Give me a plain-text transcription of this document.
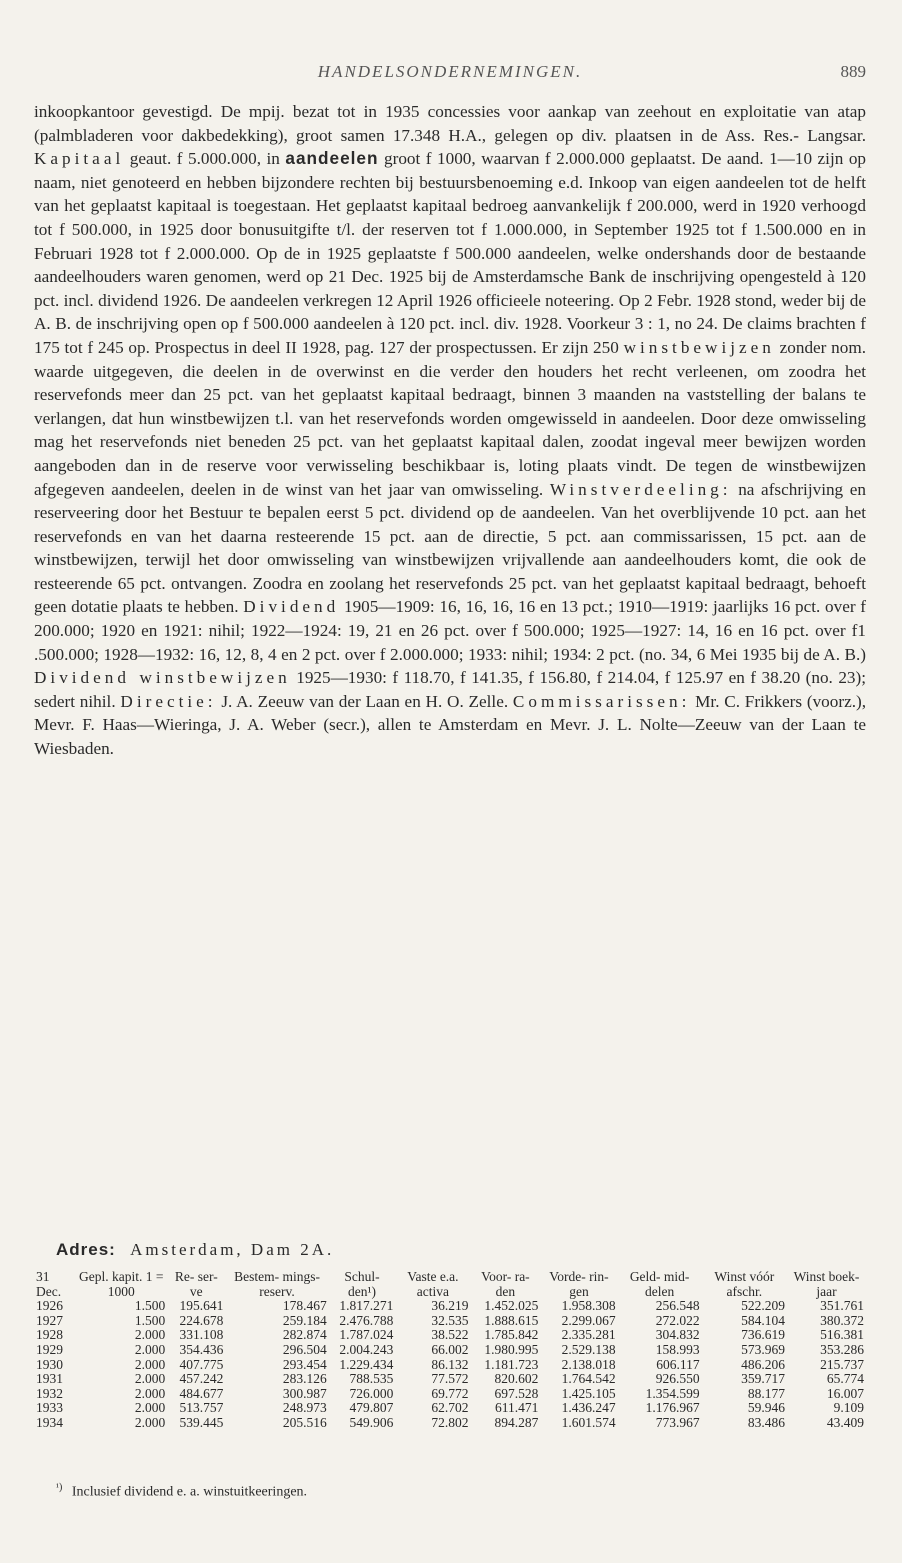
HANDELSONDERNEMINGEN.	889

inkoopkantoor gevestigd. De mpij. bezat tot in 1935 concessies voor aankap van zeehout en exploitatie van atap (palmbladeren voor dakbedekking), groot samen 17.348 H.A., gelegen op div. plaatsen in de Ass. Res.- Langsar. Kapitaal geaut. f 5.000.000, in aandeelen groot f 1000, waarvan f 2.000.000 geplaatst. De aand. 1—10 zijn op naam, niet genoteerd en hebben bijzondere rechten bij bestuursbenoeming e.d. Inkoop van eigen aandeelen tot de helft van het geplaatst kapitaal is toegestaan. Het geplaatst kapitaal bedroeg aanvankelijk f 200.000, werd in 1920 verhoogd tot f 500.000, in 1925 door bonusuitgifte t/l. der reserven tot f 1.000.000, in September 1925 tot f 1.500.000 en in Februari 1928 tot f 2.000.000. Op de in 1925 geplaatste f 500.000 aandeelen, welke ondershands door de bestaande aandeelhouders waren genomen, werd op 21 Dec. 1925 bij de Amsterdamsche Bank de inschrijving opengesteld à 120 pct. incl. dividend 1926. De aandeelen verkregen 12 April 1926 officieele noteering. Op 2 Febr. 1928 stond, weder bij de A. B. de inschrijving open op f 500.000 aandeelen à 120 pct. incl. div. 1928. Voorkeur 3 : 1, no 24. De claims brachten f 175 tot f 245 op. Prospectus in deel II 1928, pag. 127 der prospectussen. Er zijn 250 winstbewijzen zonder nom. waarde uitgegeven, die deelen in de overwinst en die verder den houders het recht verleenen, om zoodra het reservefonds meer dan 25 pct. van het geplaatst kapitaal bedraagt, binnen 3 maanden na vaststelling der balans te verlangen, dat hun winstbewijzen t.l. van het reservefonds worden omgewisseld in aandeelen. Door deze omwisseling mag het reservefonds niet beneden 25 pct. van het geplaatst kapitaal dalen, zoodat ingeval meer bewijzen worden aangeboden dan in de reserve voor verwisseling beschikbaar is, loting plaats vindt. De tegen de winstbewijzen afgegeven aandeelen, deelen in de winst van het jaar van omwisseling. Winstverdeeling: na afschrijving en reserveering door het Bestuur te bepalen eerst 5 pct. dividend op de aandeelen. Van het overblijvende 10 pct. aan het reservefonds en van het daarna resteerende 15 pct. aan de directie, 5 pct. aan commissarissen, 15 pct. aan de winstbewijzen, terwijl het door omwisseling van winstbewijzen vrijvallende aan aandeelhouders komt, die ook de resteerende 65 pct. ontvangen. Zoodra en zoolang het reservefonds 25 pct. van het geplaatst kapitaal bedraagt, behoeft geen dotatie plaats te hebben. Dividend 1905—1909: 16, 16, 16, 16 en 13 pct.; 1910—1919: jaarlijks 16 pct. over f 200.000; 1920 en 1921: nihil; 1922—1924: 19, 21 en 26 pct. over f 500.000; 1925—1927: 14, 16 en 16 pct. over f1 .500.000; 1928—1932: 16, 12, 8, 4 en 2 pct. over f 2.000.000; 1933: nihil; 1934: 2 pct. (no. 34, 6 Mei 1935 bij de A. B.) Dividend winstbewijzen 1925—1930: f 118.70, f 141.35, f 156.80, f 214.04, f 125.97 en f 38.20 (no. 23); sedert nihil. Directie: J. A. Zeeuw van der Laan en H. O. Zelle. Commissarissen: Mr. C. Frikkers (voorz.), Mevr. F. Haas—Wieringa, J. A. Weber (secr.), allen te Amsterdam en Mevr. J. L. Nolte—Zeeuw van der Laan te Wiesbaden.

Adres: Amsterdam, Dam 2A.
31 Dec.	Gepl. kapit. 1 = 1000	Re- ser- ve	Bestem- mings- reserv.	Schul- den¹)	Vaste e.a. activa	Voor- ra- den	Vorde- rin- gen	Geld- mid- delen	Winst vóór afschr.	Winst boek- jaar
1926	1.500	195.641	178.467	1.817.271	36.219	1.452.025	1.958.308	256.548	522.209	351.761
1927	1.500	224.678	259.184	2.476.788	32.535	1.888.615	2.299.067	272.022	584.104	380.372
1928	2.000	331.108	282.874	1.787.024	38.522	1.785.842	2.335.281	304.832	736.619	516.381
1929	2.000	354.436	296.504	2.004.243	66.002	1.980.995	2.529.138	158.993	573.969	353.286
1930	2.000	407.775	293.454	1.229.434	86.132	1.181.723	2.138.018	606.117	486.206	215.737
1931	2.000	457.242	283.126	788.535	77.572	820.602	1.764.542	926.550	359.717	65.774
1932	2.000	484.677	300.987	726.000	69.772	697.528	1.425.105	1.354.599	88.177	16.007
1933	2.000	513.757	248.973	479.807	62.702	611.471	1.436.247	1.176.967	59.946	9.109
1934	2.000	539.445	205.516	549.906	72.802	894.287	1.601.574	773.967	83.486	43.409
$^{^1)}$ Inclusief dividend e. a. winstuitkeeringen.
